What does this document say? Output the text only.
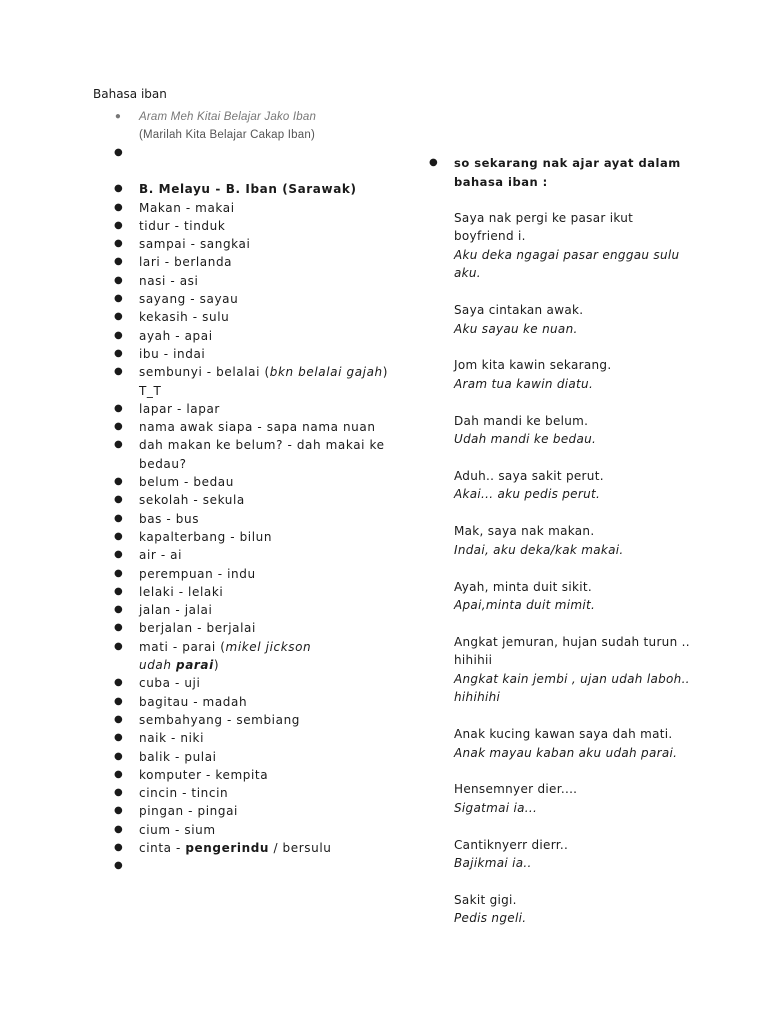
Bahasa iban
● Aram Meh Kitai Belajar Jako Iban
(Marilah Kita Belajar Cakap Iban)
●

● B. Melayu - B. Iban (Sarawak)
● Makan - makai
● tidur - tinduk
● sampai - sangkai
● lari - berlanda
● nasi - asi
● sayang - sayau
● kekasih - sulu
● ayah - apai
● ibu - indai
● sembunyi - belalai (bkn belalai gajah)
T_T
● lapar - lapar
● nama awak siapa - sapa nama nuan
● dah makan ke belum? - dah makai ke
bedau?
● belum - bedau
● sekolah - sekula
● bas - bus
● kapalterbang - bilun
● air - ai
● perempuan - indu
● lelaki - lelaki
● jalan - jalai
● berjalan - berjalai
● mati - parai (mikel jickson
udah parai)
● cuba - uji
● bagitau - madah
● sembahyang - sembiang
● naik - niki
● balik - pulai
● komputer - kempita
● cincin - tincin
● pingan - pingai
● cium - sium
● cinta - pengerindu / bersulu
●

● so sekarang nak ajar ayat dalam
bahasa iban :
Saya nak pergi ke pasar ikut
boyfriend i.
Aku deka ngagai pasar enggau sulu
aku.
Saya cintakan awak.
Aku sayau ke nuan.
Jom kita kawin sekarang.
Aram tua kawin diatu.
Dah mandi ke belum.
Udah mandi ke bedau.
Aduh.. saya sakit perut.
Akai... aku pedis perut.
Mak, saya nak makan.
Indai, aku deka/kak makai.
Ayah, minta duit sikit.
Apai,minta duit mimit.
Angkat jemuran, hujan sudah turun ..
hihihii
Angkat kain jembi , ujan udah laboh..
hihihihi
Anak kucing kawan saya dah mati.
Anak mayau kaban aku udah parai.
Hensemnyer dier....
Sigatmai ia...
Cantiknyerr dierr..
Bajikmai ia..
Sakit gigi.
Pedis ngeli.
